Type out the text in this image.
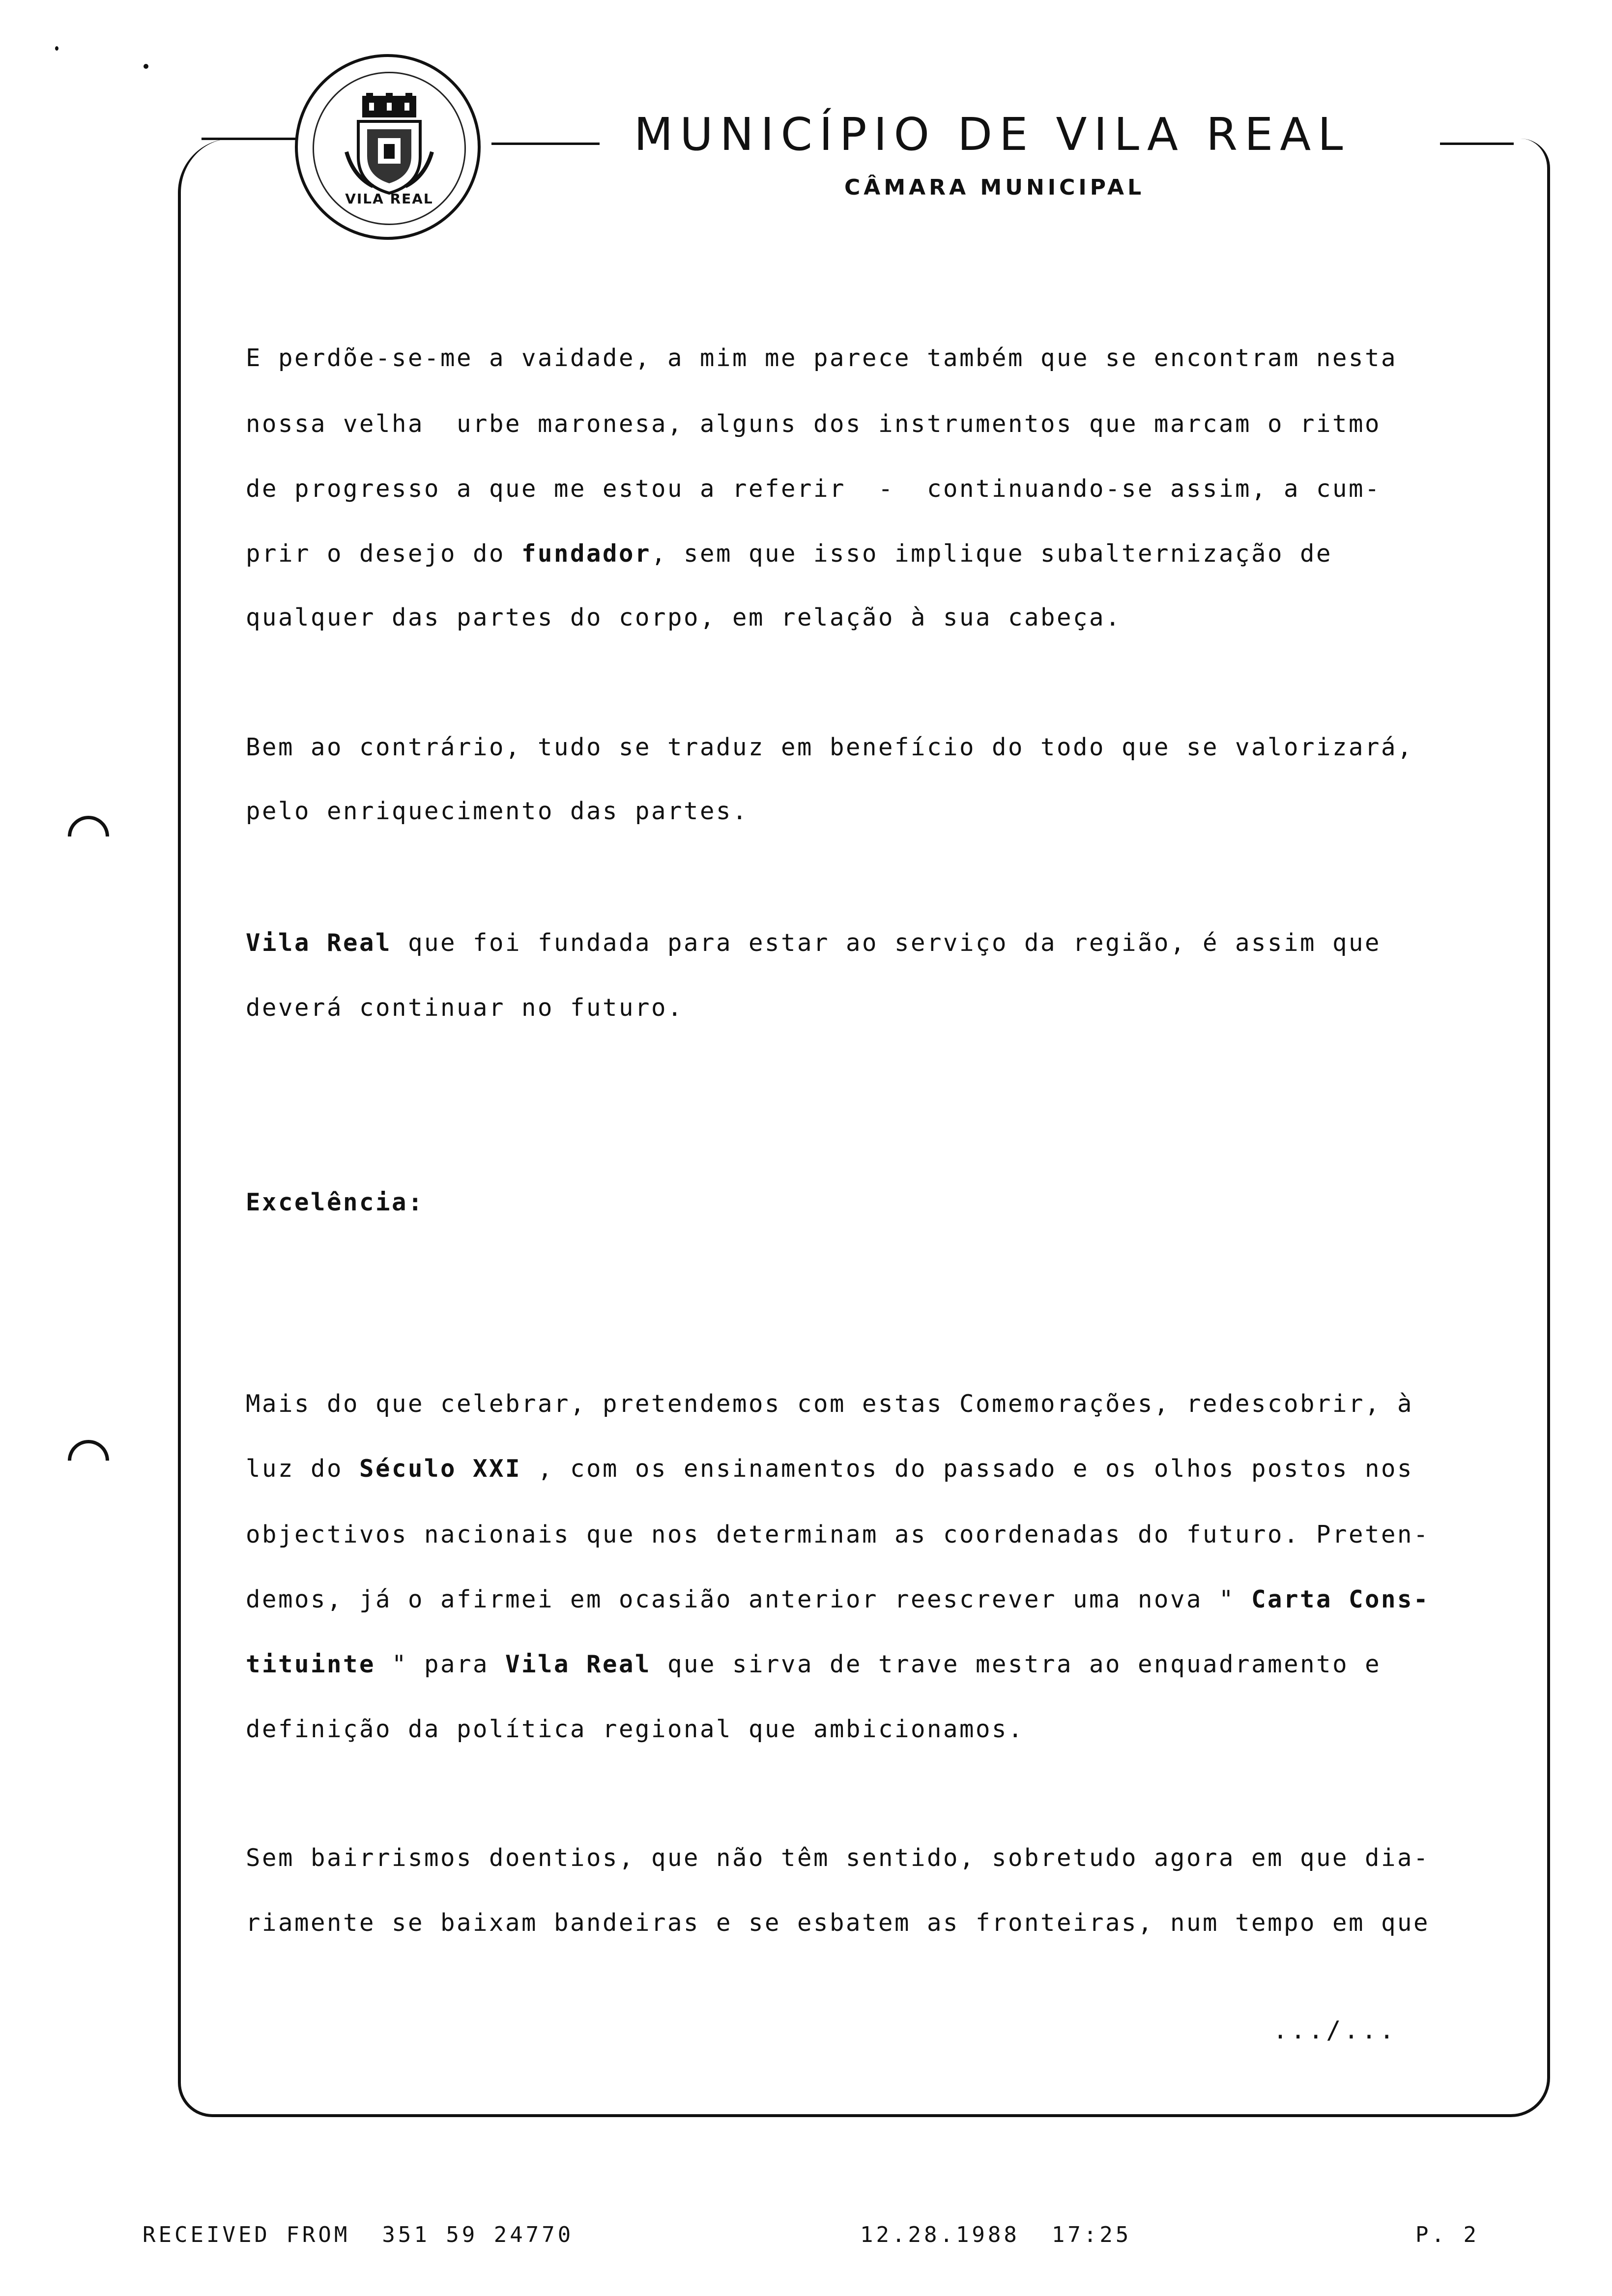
VILA REAL
MUNICÍPIO DE VILA REAL
CÂMARA MUNICIPAL
E perdõe-se-me a vaidade, a mim me parece também que se encontram nesta
nossa velha  urbe maronesa, alguns dos instrumentos que marcam o ritmo
de progresso a que me estou a referir  -  continuando-se assim, a cum-
prir o desejo do fundador, sem que isso implique subalternização de
qualquer das partes do corpo, em relação à sua cabeça.
Bem ao contrário, tudo se traduz em benefício do todo que se valorizará,
pelo enriquecimento das partes.
Vila Real que foi fundada para estar ao serviço da região, é assim que
deverá continuar no futuro.
Excelência:
Mais do que celebrar, pretendemos com estas Comemorações, redescobrir, à
luz do Século XXI , com os ensinamentos do passado e os olhos postos nos
objectivos nacionais que nos determinam as coordenadas do futuro. Preten-
demos, já o afirmei em ocasião anterior reescrever uma nova " Carta Cons-
tituinte " para Vila Real que sirva de trave mestra ao enquadramento e
definição da política regional que ambicionamos.
Sem bairrismos doentios, que não têm sentido, sobretudo agora em que dia-
riamente se baixam bandeiras e se esbatem as fronteiras, num tempo em que
.../...
RECEIVED FROM  351 59 24770	12.28.1988  17:25	P. 2
